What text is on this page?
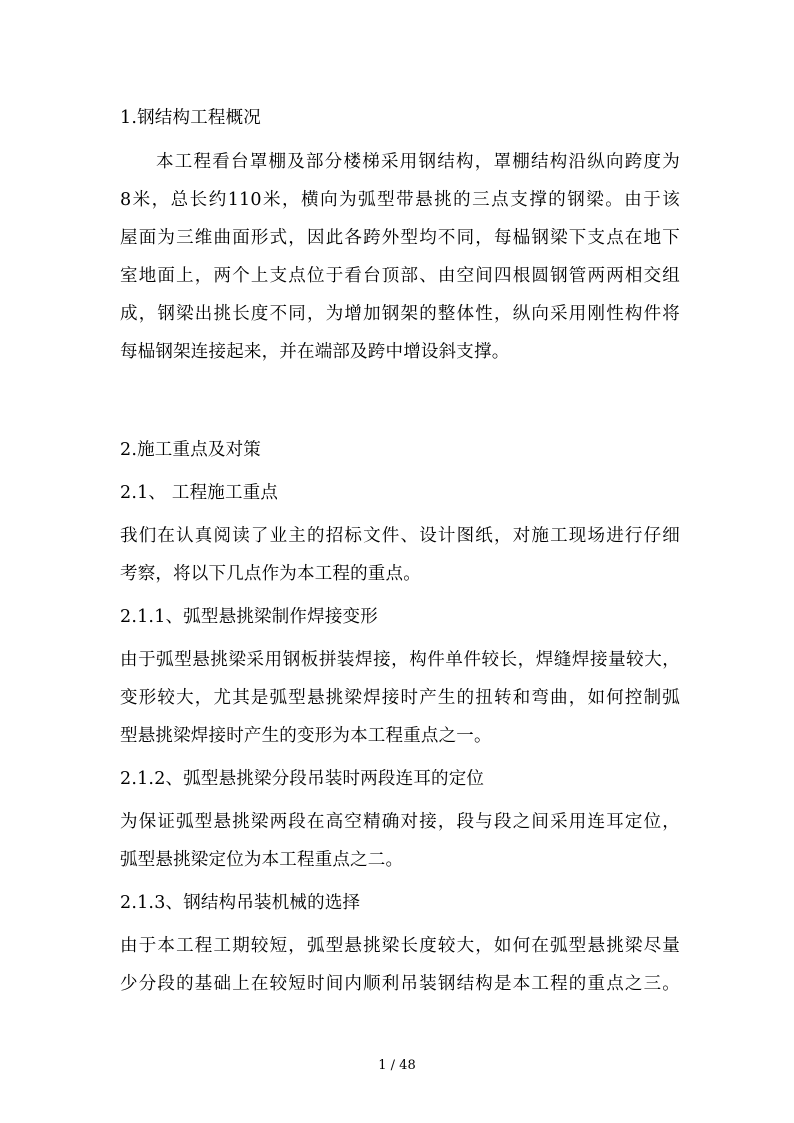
1.钢结构工程概况
本工程看台罩棚及部分楼梯采用钢结构，罩棚结构沿纵向跨度为
8米，总长约110米，横向为弧型带悬挑的三点支撑的钢梁。由于该
屋面为三维曲面形式，因此各跨外型均不同，每榀钢梁下支点在地下
室地面上，两个上支点位于看台顶部、由空间四根圆钢管两两相交组
成，钢梁出挑长度不同，为增加钢架的整体性，纵向采用刚性构件将
每榀钢架连接起来，并在端部及跨中增设斜支撑。
2.施工重点及对策
2.1、 工程施工重点
我们在认真阅读了业主的招标文件、设计图纸，对施工现场进行仔细
考察，将以下几点作为本工程的重点。
2.1.1、弧型悬挑梁制作焊接变形
由于弧型悬挑梁采用钢板拼装焊接，构件单件较长，焊缝焊接量较大，
变形较大，尤其是弧型悬挑梁焊接时产生的扭转和弯曲，如何控制弧
型悬挑梁焊接时产生的变形为本工程重点之一。
2.1.2、弧型悬挑梁分段吊装时两段连耳的定位
为保证弧型悬挑梁两段在高空精确对接，段与段之间采用连耳定位，
弧型悬挑梁定位为本工程重点之二。
2.1.3、钢结构吊装机械的选择
由于本工程工期较短，弧型悬挑梁长度较大，如何在弧型悬挑梁尽量
少分段的基础上在较短时间内顺利吊装钢结构是本工程的重点之三。
1 / 48
